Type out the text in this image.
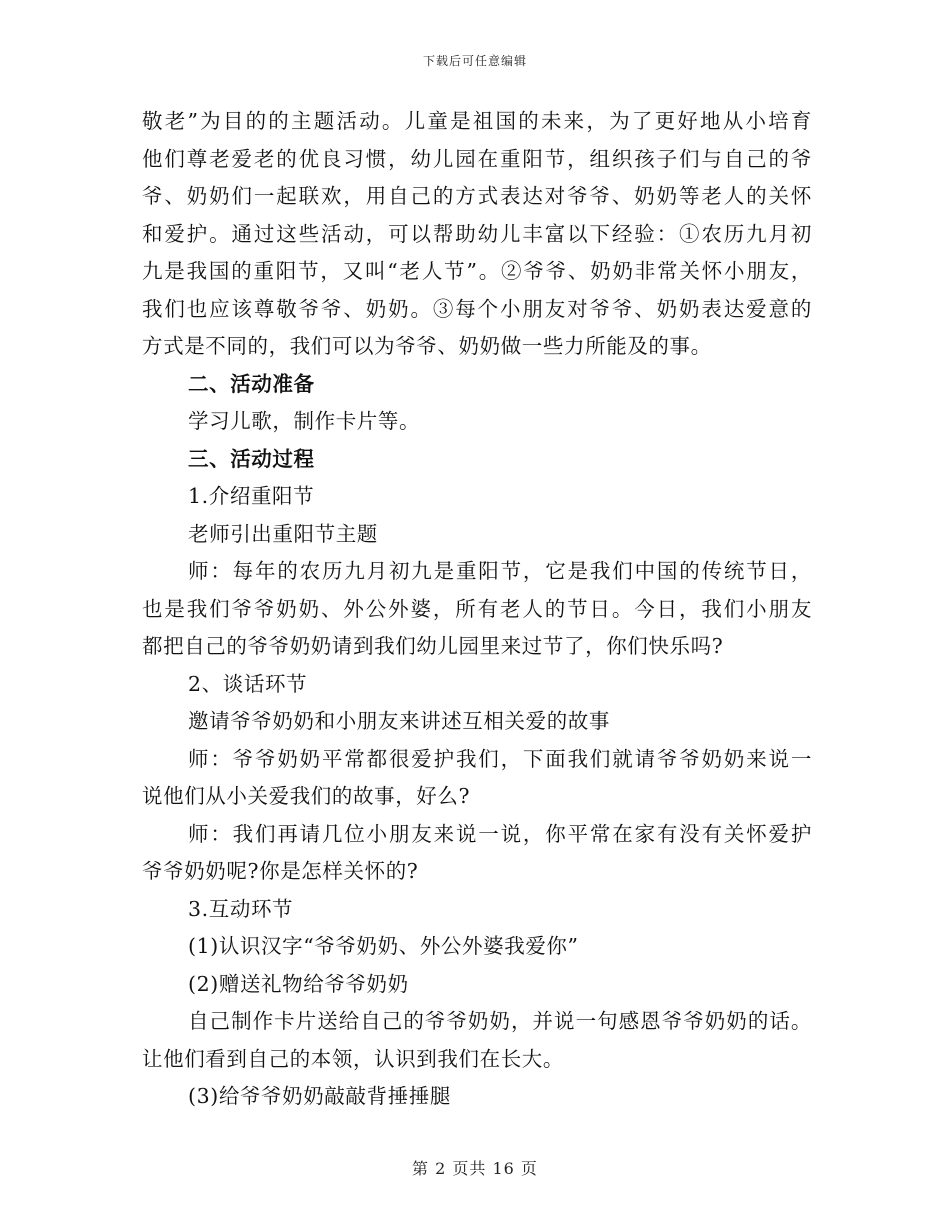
下载后可任意编辑
敬老”为目的的主题活动。儿童是祖国的未来，为了更好地从小培育
他们尊老爱老的优良习惯，幼儿园在重阳节，组织孩子们与自己的爷
爷、奶奶们一起联欢，用自己的方式表达对爷爷、奶奶等老人的关怀
和爱护。通过这些活动，可以帮助幼儿丰富以下经验：①农历九月初
九是我国的重阳节，又叫“老人节”。②爷爷、奶奶非常关怀小朋友，
我们也应该尊敬爷爷、奶奶。③每个小朋友对爷爷、奶奶表达爱意的
方式是不同的，我们可以为爷爷、奶奶做一些力所能及的事。
二、活动准备
学习儿歌，制作卡片等。
三、活动过程
1.介绍重阳节
老师引出重阳节主题
师：每年的农历九月初九是重阳节，它是我们中国的传统节日，
也是我们爷爷奶奶、外公外婆，所有老人的节日。今日，我们小朋友
都把自己的爷爷奶奶请到我们幼儿园里来过节了，你们快乐吗?
2、谈话环节
邀请爷爷奶奶和小朋友来讲述互相关爱的故事
师：爷爷奶奶平常都很爱护我们，下面我们就请爷爷奶奶来说一
说他们从小关爱我们的故事，好么?
师：我们再请几位小朋友来说一说，你平常在家有没有关怀爱护
爷爷奶奶呢?你是怎样关怀的?
3.互动环节
(1)认识汉字“爷爷奶奶、外公外婆我爱你”
(2)赠送礼物给爷爷奶奶
自己制作卡片送给自己的爷爷奶奶，并说一句感恩爷爷奶奶的话。
让他们看到自己的本领，认识到我们在长大。
(3)给爷爷奶奶敲敲背捶捶腿
第 2 页共 16 页
